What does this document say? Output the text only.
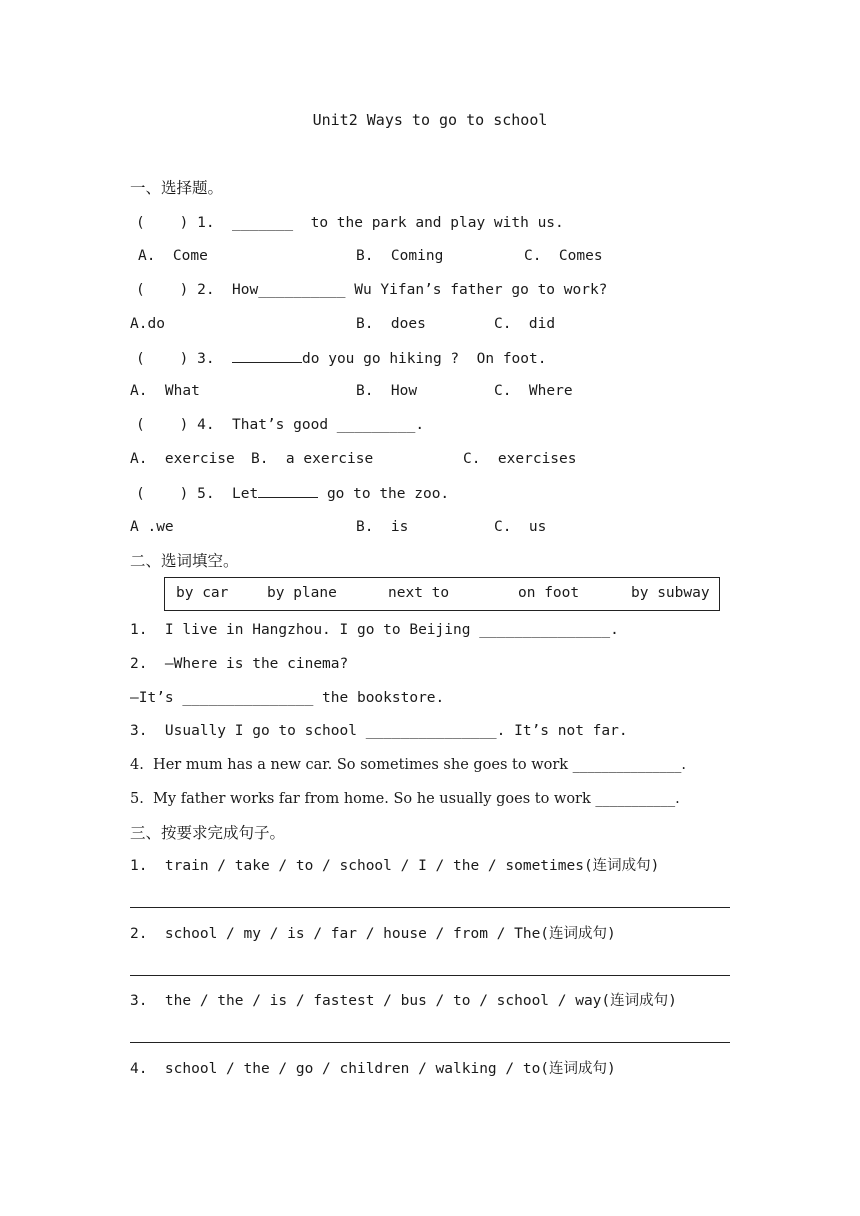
Unit2 Ways to go to school
一、选择题。
(    ) 1.  _______  to the park and play with us.
A.  Come	B.  Coming	C.  Comes
(    ) 2.  How__________ Wu Yifan’s father go to work?
A.do	B.  does	C.  did
(    ) 3.	do you go hiking ?  On foot.
A.  What	B.  How	C.  Where
(    ) 4.  That’s good _________.
A.  exercise B.  a exercise	C.  exercises
(    ) 5.  Let	go to the zoo.
A .we	B.  is	C.  us
二、选词填空。
by car	by plane	next to	on foot	by subway
1.  I live in Hangzhou. I go to Beijing _______________.
2.  —Where is the cinema?
—It’s _______________ the bookstore.
3.  Usually I go to school _______________. It’s not far.
4.  Her mum has a new car. So sometimes she goes to work _______________.
5.  My father works far from home. So he usually goes to work ___________.
三、按要求完成句子。
1.  train / take / to / school / I / the / sometimes(连词成句)
2.  school / my / is / far / house / from / The(连词成句)
3.  the / the / is / fastest / bus / to / school / way(连词成句)
4.  school / the / go / children / walking / to(连词成句)
